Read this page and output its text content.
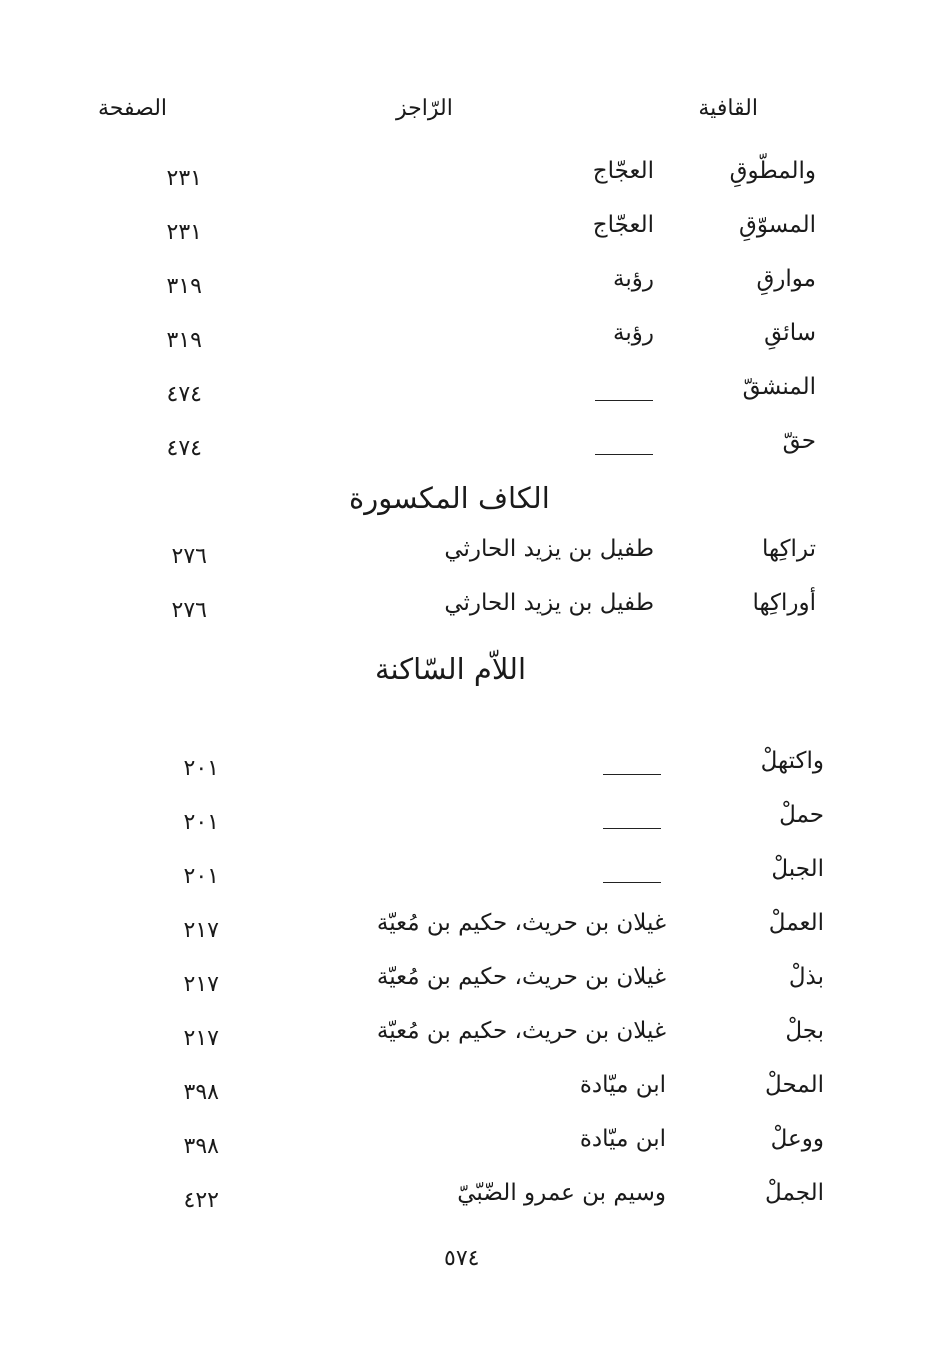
القافية
الرّاجز
الصفحة
والمطّوقِ
العجّاج
٢٣١
المسوّقِ
العجّاج
٢٣١
موارقِ
رؤبة
٣١٩
سائقِ
رؤبة
٣١٩
المنشقّ
٤٧٤
حقّ
٤٧٤
الكاف المكسورة
تراكِها
طفيل بن يزيد الحارثي
٢٧٦
أوراكِها
طفيل بن يزيد الحارثي
٢٧٦
اللاّم السّاكنة
واكتهلْ
٢٠١
حملْ
٢٠١
الجبلْ
٢٠١
العملْ
غيلان بن حريث، حكيم بن مُعيّة
٢١٧
بذلْ
غيلان بن حريث، حكيم بن مُعيّة
٢١٧
بجلْ
غيلان بن حريث، حكيم بن مُعيّة
٢١٧
المحلْ
ابن ميّادة
٣٩٨
ووعلْ
ابن ميّادة
٣٩٨
الجملْ
وسيم بن عمرو الضّبّيّ
٤٢٢
٥٧٤
